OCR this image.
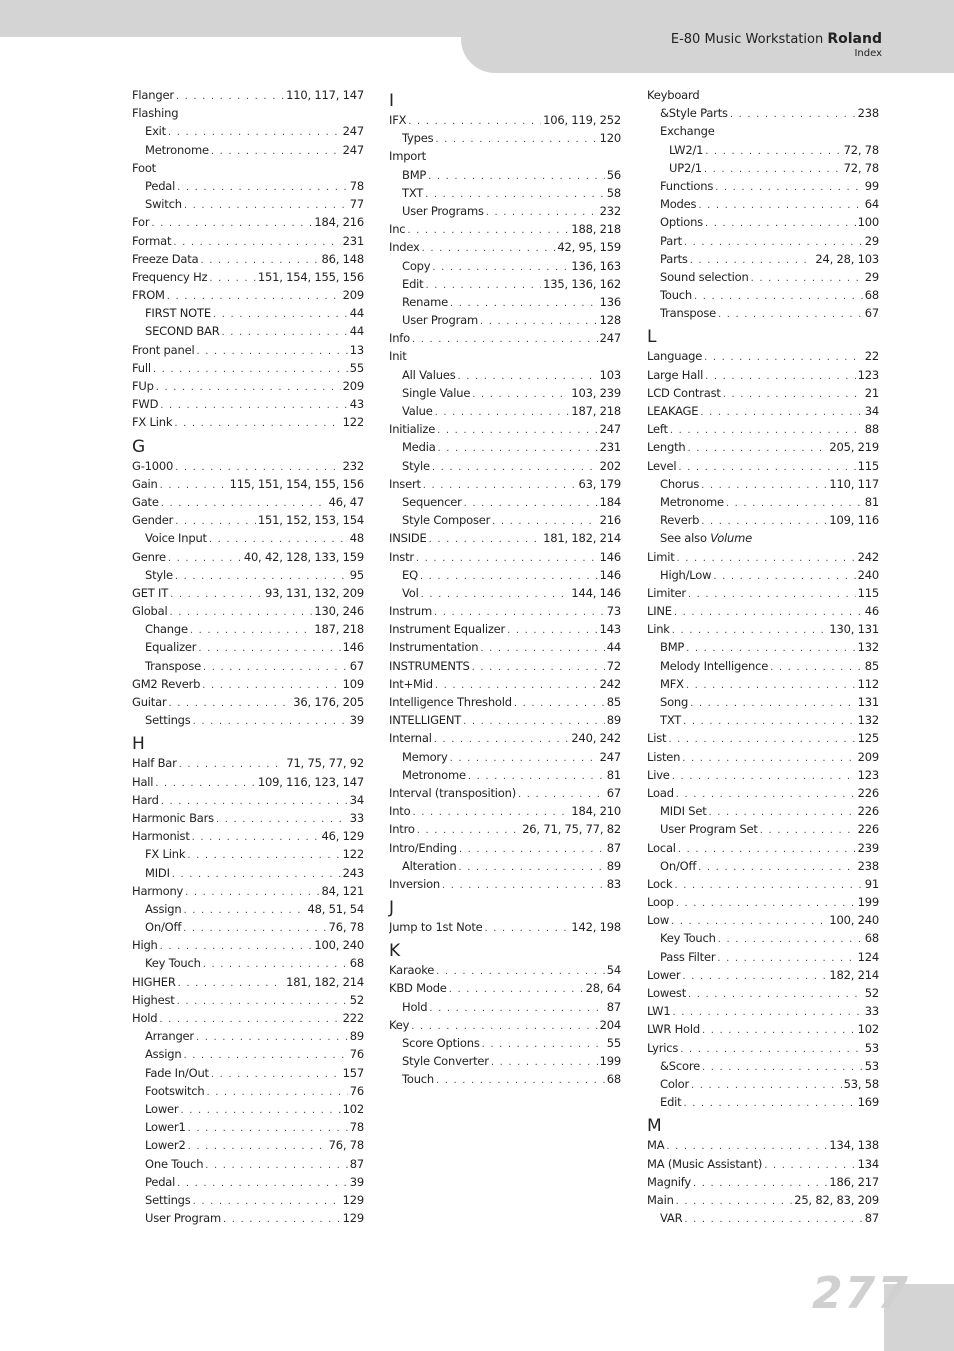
E-80 Music Workstation Roland
Index
Flanger . . .	110, 117, 147
Flashing
Exit . . .	247
Metronome . . .	247
Foot
Pedal . . .	78
Switch . . .	77
For . . .	184, 216
Format . . .	231
Freeze Data . . .	86, 148
Frequency Hz . . .	151, 154, 155, 156
FROM . . .	209
FIRST NOTE . . .	44
SECOND BAR . . .	44
Front panel . . .	13
Full . . .	55
FUp . . .	209
FWD . . .	43
FX Link . . .	122
G
G-1000 . . .	232
Gain . . .	115, 151, 154, 155, 156
Gate . . .	46, 47
Gender . . .	151, 152, 153, 154
Voice Input . . .	48
Genre . . .	40, 42, 128, 133, 159
Style . . .	95
GET IT . . .	93, 131, 132, 209
Global . . .	130, 246
Change . . .	187, 218
Equalizer . . .	146
Transpose . . .	67
GM2 Reverb . . .	109
Guitar . . .	36, 176, 205
Settings . . .	39
H
Half Bar . . .	71, 75, 77, 92
Hall . . .	109, 116, 123, 147
Hard . . .	34
Harmonic Bars . . .	33
Harmonist . . .	46, 129
FX Link . . .	122
MIDI . . .	243
Harmony . . .	84, 121
Assign . . .	48, 51, 54
On/Off . . .	76, 78
High . . .	100, 240
Key Touch . . .	68
HIGHER . . .	181, 182, 214
Highest . . .	52
Hold . . .	222
Arranger . . .	89
Assign . . .	76
Fade In/Out . . .	157
Footswitch . . .	76
Lower . . .	102
Lower1 . . .	78
Lower2 . . .	76, 78
One Touch . . .	87
Pedal . . .	39
Settings . . .	129
User Program . . .	129
I
IFX . . .	106, 119, 252
Types . . .	120
Import
BMP . . .	56
TXT . . .	58
User Programs . . .	232
Inc . . .	188, 218
Index . . .	42, 95, 159
Copy . . .	136, 163
Edit . . .	135, 136, 162
Rename . . .	136
User Program . . .	128
Info . . .	247
Init
All Values . . .	103
Single Value . . .	103, 239
Value . . .	187, 218
Initialize . . .	247
Media . . .	231
Style . . .	202
Insert . . .	63, 179
Sequencer . . .	184
Style Composer . . .	216
INSIDE . . .	181, 182, 214
Instr . . .	146
EQ . . .	146
Vol . . .	144, 146
Instrum . . .	73
Instrument Equalizer . . .	143
Instrumentation . . .	44
INSTRUMENTS . . .	72
Int+Mid . . .	242
Intelligence Threshold . . .	85
INTELLIGENT . . .	89
Internal . . .	240, 242
Memory . . .	247
Metronome . . .	81
Interval (transposition) . . .	67
Into . . .	184, 210
Intro . . .	26, 71, 75, 77, 82
Intro/Ending . . .	87
Alteration . . .	89
Inversion . . .	83
J
Jump to 1st Note . . .	142, 198
K
Karaoke . . .	54
KBD Mode . . .	28, 64
Hold . . .	87
Key . . .	204
Score Options . . .	55
Style Converter . . .	199
Touch . . .	68
Keyboard
&Style Parts . . .	238
Exchange
LW2/1 . . .	72, 78
UP2/1 . . .	72, 78
Functions . . .	99
Modes . . .	64
Options . . .	100
Part . . .	29
Parts . . .	24, 28, 103
Sound selection . . .	29
Touch . . .	68
Transpose . . .	67
L
Language . . .	22
Large Hall . . .	123
LCD Contrast . . .	21
LEAKAGE . . .	34
Left . . .	88
Length . . .	205, 219
Level . . .	115
Chorus . . .	110, 117
Metronome . . .	81
Reverb . . .	109, 116
See also Volume
Limit . . .	242
High/Low . . .	240
Limiter . . .	115
LINE . . .	46
Link . . .	130, 131
BMP . . .	132
Melody Intelligence . . .	85
MFX . . .	112
Song . . .	131
TXT . . .	132
List . . .	125
Listen . . .	209
Live . . .	123
Load . . .	226
MIDI Set . . .	226
User Program Set . . .	226
Local . . .	239
On/Off . . .	238
Lock . . .	91
Loop . . .	199
Low . . .	100, 240
Key Touch . . .	68
Pass Filter . . .	124
Lower . . .	182, 214
Lowest . . .	52
LW1 . . .	33
LWR Hold . . .	102
Lyrics . . .	53
&Score . . .	53
Color . . .	53, 58
Edit . . .	169
M
MA . . .	134, 138
MA (Music Assistant) . . .	134
Magnify . . .	186, 217
Main . . .	25, 82, 83, 209
VAR . . .	87
277
